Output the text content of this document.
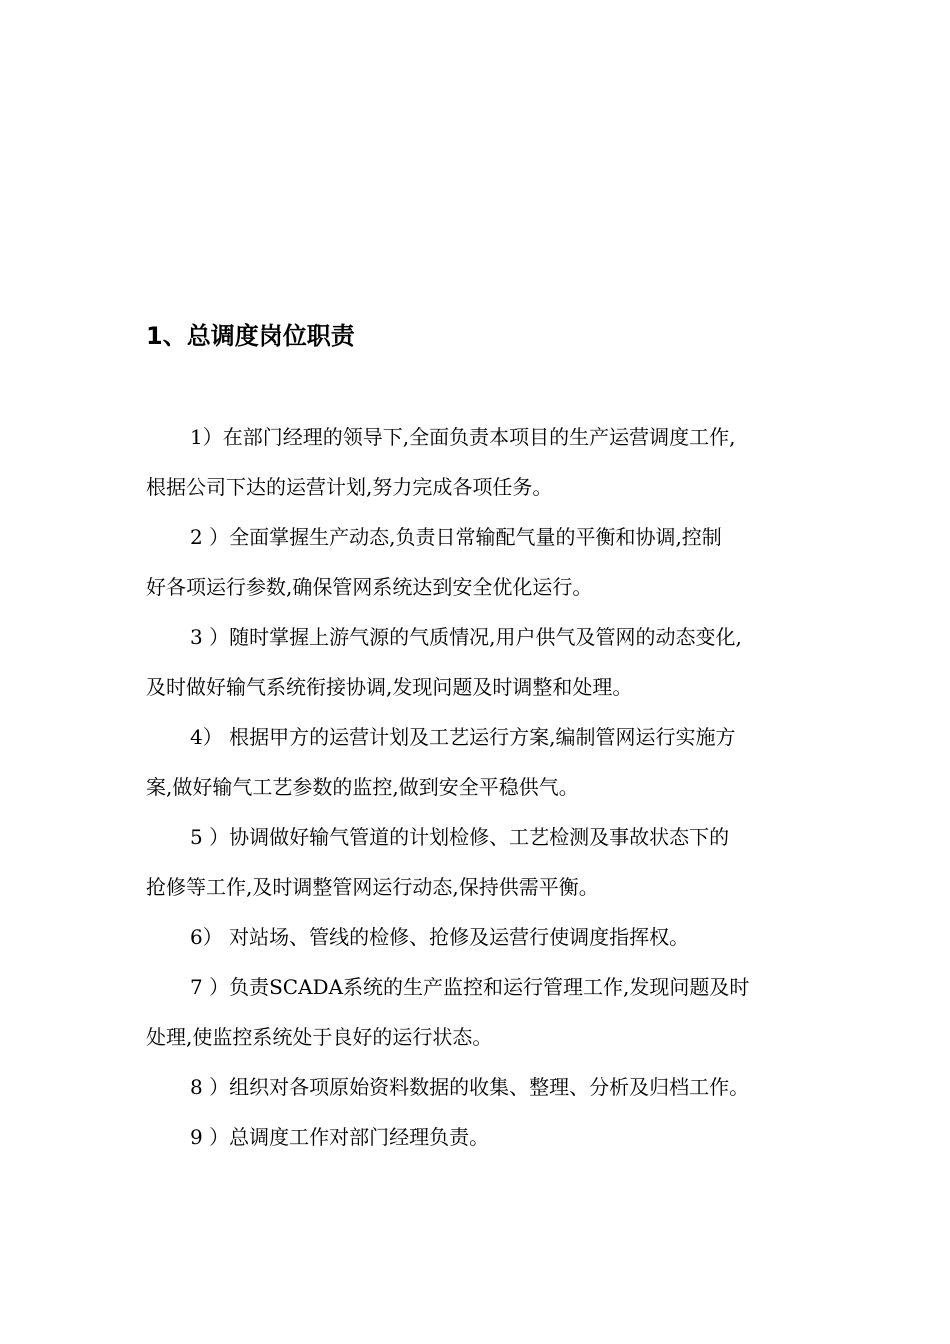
1、总调度岗位职责

1）在部门经理的领导下,全面负责本项目的生产运营调度工作,
根据公司下达的运营计划,努力完成各项任务。

2 ）全面掌握生产动态,负责日常输配气量的平衡和协调,控制
好各项运行参数,确保管网系统达到安全优化运行。

3 ）随时掌握上游气源的气质情况,用户供气及管网的动态变化,
及时做好输气系统衔接协调,发现问题及时调整和处理。

4） 根据甲方的运营计划及工艺运行方案,编制管网运行实施方
案,做好输气工艺参数的监控,做到安全平稳供气。

5 ）协调做好输气管道的计划检修、工艺检测及事故状态下的
抢修等工作,及时调整管网运行动态,保持供需平衡。

6） 对站场、管线的检修、抢修及运营行使调度指挥权。

7 ）负责SCADA系统的生产监控和运行管理工作,发现问题及时
处理,使监控系统处于良好的运行状态。

8 ）组织对各项原始资料数据的收集、整理、分析及归档工作。

9 ）总调度工作对部门经理负责。
